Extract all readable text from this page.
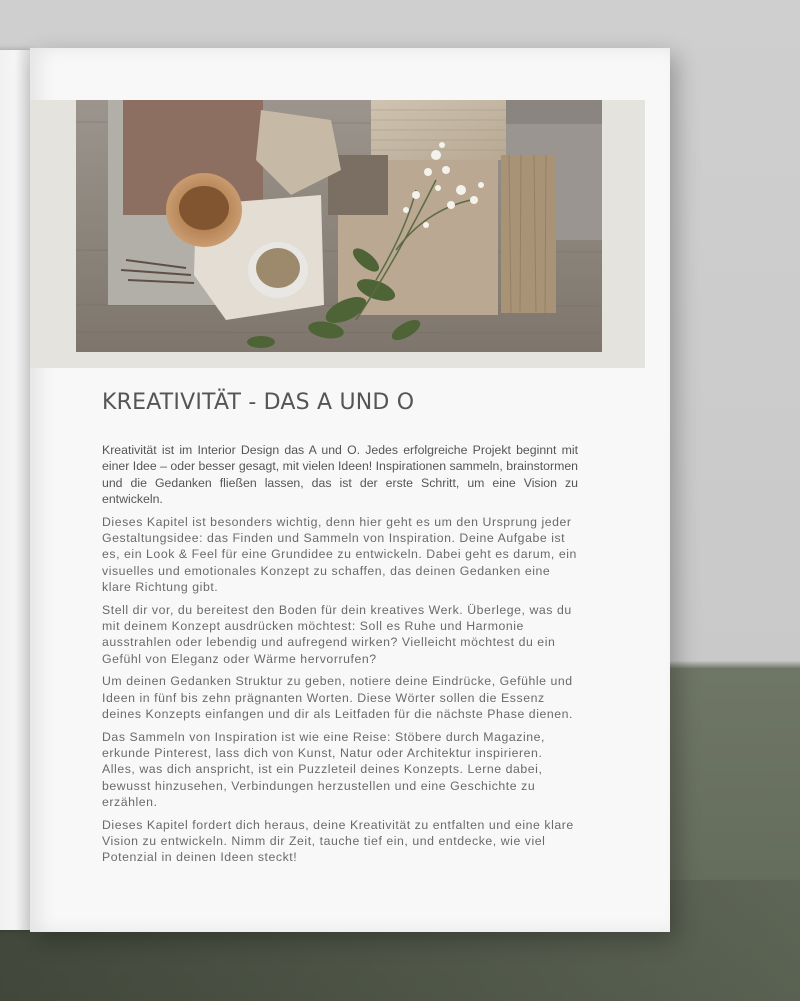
KREATIVITÄT - DAS A UND O

Kreativität ist im Interior Design das A und O. Jedes erfolgreiche Projekt beginnt mit einer Idee – oder besser gesagt, mit vielen Ideen! Inspirationen sammeln, brainstormen und die Gedanken fließen lassen, das ist der erste Schritt, um eine Vision zu entwickeln.

Dieses Kapitel ist besonders wichtig, denn hier geht es um den Ursprung jeder Gestaltungsidee: das Finden und Sammeln von Inspiration. Deine Aufgabe ist es, ein Look & Feel für eine Grundidee zu entwickeln. Dabei geht es darum, ein visuelles und emotionales Konzept zu schaffen, das deinen Gedanken eine klare Richtung gibt.

Stell dir vor, du bereitest den Boden für dein kreatives Werk. Überlege, was du mit deinem Konzept ausdrücken möchtest: Soll es Ruhe und Harmonie ausstrahlen oder lebendig und aufregend wirken? Vielleicht möchtest du ein Gefühl von Eleganz oder Wärme hervorrufen?

Um deinen Gedanken Struktur zu geben, notiere deine Eindrücke, Gefühle und Ideen in fünf bis zehn prägnanten Worten. Diese Wörter sollen die Essenz deines Konzepts einfangen und dir als Leitfaden für die nächste Phase dienen.

Das Sammeln von Inspiration ist wie eine Reise: Stöbere durch Magazine, erkunde Pinterest, lass dich von Kunst, Natur oder Architektur inspirieren. Alles, was dich anspricht, ist ein Puzzleteil deines Konzepts. Lerne dabei, bewusst hinzusehen, Verbindungen herzustellen und eine Geschichte zu erzählen.

Dieses Kapitel fordert dich heraus, deine Kreativität zu entfalten und eine klare Vision zu entwickeln. Nimm dir Zeit, tauche tief ein, und entdecke, wie viel Potenzial in deinen Ideen steckt!
